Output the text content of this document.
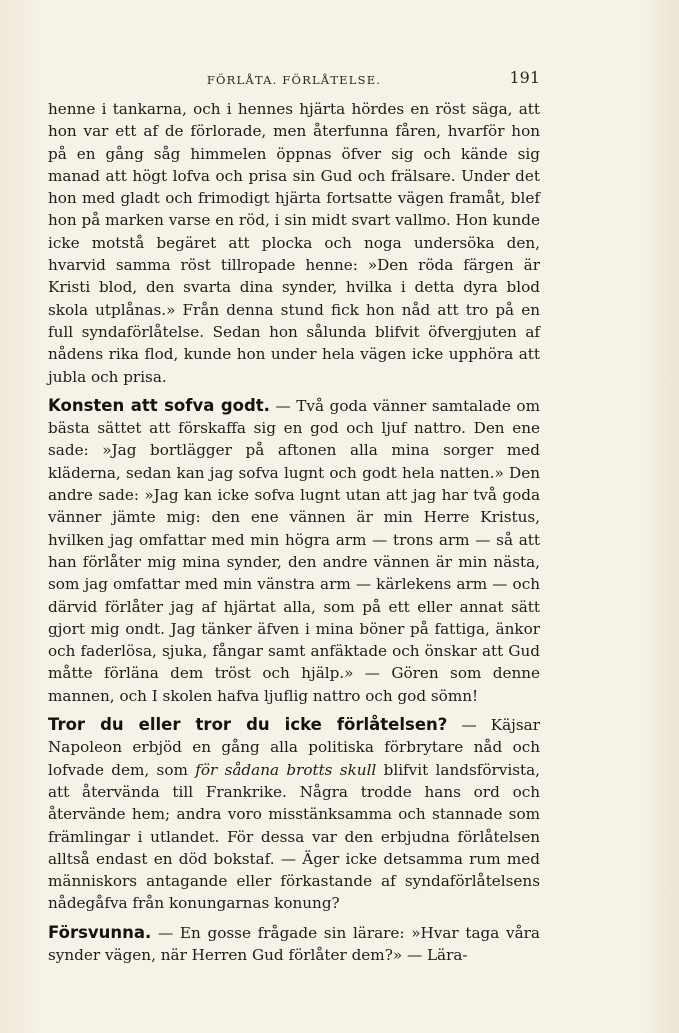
FÖRLÅTA. FÖRLÅTELSE.	191

henne i tankarna, och i hennes hjärta hördes en röst säga, att hon var ett af de förlorade, men återfunna fåren, hvarför hon på en gång såg himmelen öppnas öfver sig och kände sig manad att högt lofva och prisa sin Gud och frälsare. Under det hon med gladt och frimodigt hjärta fortsatte vägen framåt, blef hon på marken varse en röd, i sin midt svart vallmo. Hon kunde icke motstå begäret att plocka och noga undersöka den, hvarvid samma röst tillropade henne: »Den röda färgen är Kristi blod, den svarta dina synder, hvilka i detta dyra blod skola utplånas.» Från denna stund fick hon nåd att tro på en full syndaförlåtelse. Sedan hon sålunda blifvit öfvergjuten af nådens rika flod, kunde hon under hela vägen icke upphöra att jubla och prisa.

Konsten att sofva godt. — Två goda vänner samtalade om bästa sättet att förskaffa sig en god och ljuf nattro. Den ene sade: »Jag bortlägger på aftonen alla mina sorger med kläderna, sedan kan jag sofva lugnt och godt hela natten.» Den andre sade: »Jag kan icke sofva lugnt utan att jag har två goda vänner jämte mig: den ene vännen är min Herre Kristus, hvilken jag omfattar med min högra arm — trons arm — så att han förlåter mig mina synder, den andre vännen är min nästa, som jag omfattar med min vänstra arm — kärlekens arm — och därvid förlåter jag af hjärtat alla, som på ett eller annat sätt gjort mig ondt. Jag tänker äfven i mina böner på fattiga, änkor och faderlösa, sjuka, fångar samt anfäktade och önskar att Gud måtte förläna dem tröst och hjälp.» — Gören som denne mannen, och I skolen hafva ljuflig nattro och god sömn!

Tror du eller tror du icke förlåtelsen? — Käjsar Napoleon erbjöd en gång alla politiska förbrytare nåd och lofvade dem, som för sådana brotts skull blifvit landsförvista, att återvända till Frankrike. Några trodde hans ord och återvände hem; andra voro misstänksamma och stannade som främlingar i utlandet. För dessa var den erbjudna förlåtelsen alltså endast en död bokstaf. — Äger icke detsamma rum med människors antagande eller förkastande af syndaförlåtelsens nådegåfva från konungarnas konung?

Försvunna. — En gosse frågade sin lärare: »Hvar taga våra synder vägen, när Herren Gud förlåter dem?» — Lära-
